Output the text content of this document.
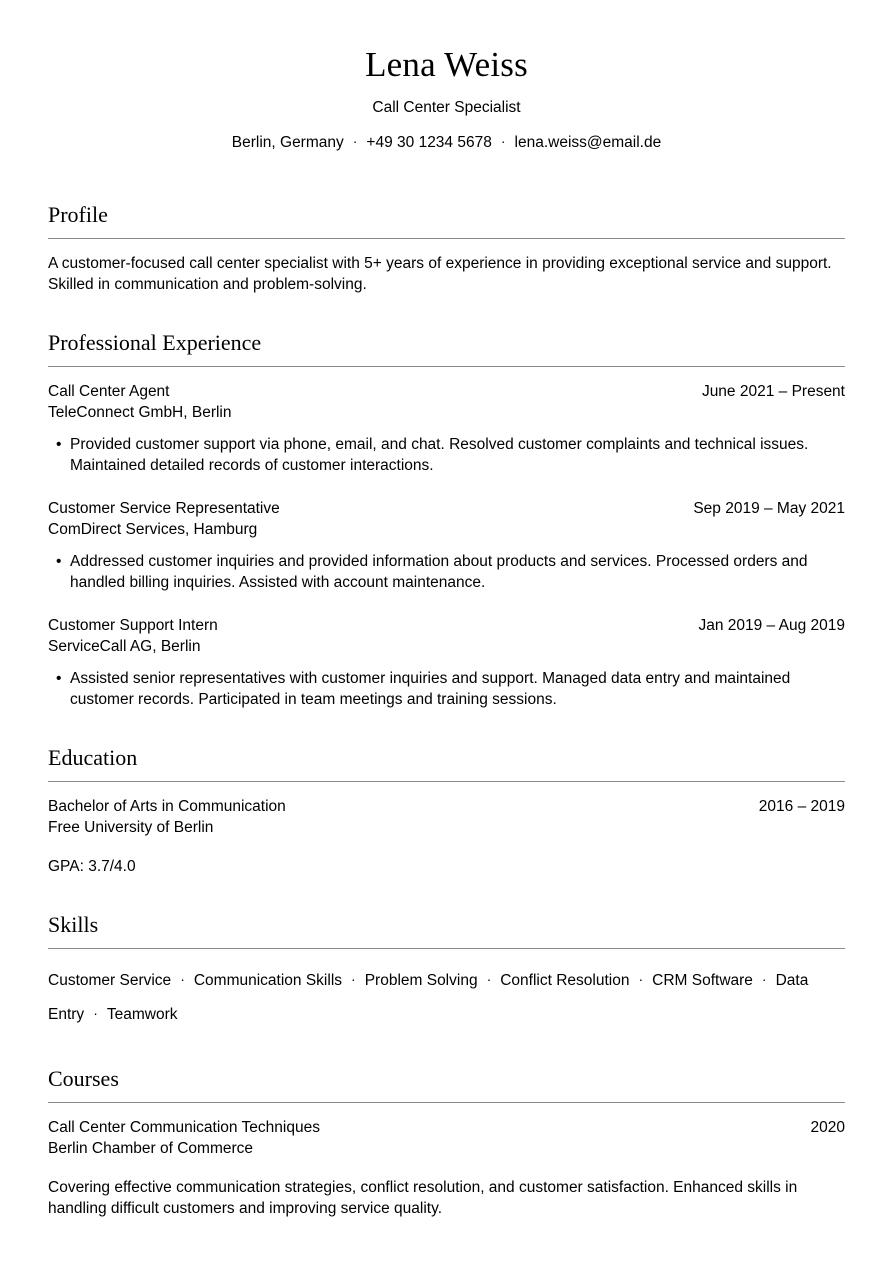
Lena Weiss
Call Center Specialist
Berlin, Germany · +49 30 1234 5678 · lena.weiss@email.de
Profile
A customer-focused call center specialist with 5+ years of experience in providing exceptional service and support. Skilled in communication and problem-solving.
Professional Experience
Call Center Agent	June 2021 – Present
TeleConnect GmbH, Berlin
• Provided customer support via phone, email, and chat. Resolved customer complaints and technical issues. Maintained detailed records of customer interactions.
Customer Service Representative	Sep 2019 – May 2021
ComDirect Services, Hamburg
• Addressed customer inquiries and provided information about products and services. Processed orders and handled billing inquiries. Assisted with account maintenance.
Customer Support Intern	Jan 2019 – Aug 2019
ServiceCall AG, Berlin
• Assisted senior representatives with customer inquiries and support. Managed data entry and maintained customer records. Participated in team meetings and training sessions.
Education
Bachelor of Arts in Communication	2016 – 2019
Free University of Berlin
GPA: 3.7/4.0
Skills
Customer Service · Communication Skills · Problem Solving · Conflict Resolution · CRM Software · Data Entry · Teamwork
Courses
Call Center Communication Techniques	2020
Berlin Chamber of Commerce
Covering effective communication strategies, conflict resolution, and customer satisfaction. Enhanced skills in handling difficult customers and improving service quality.
